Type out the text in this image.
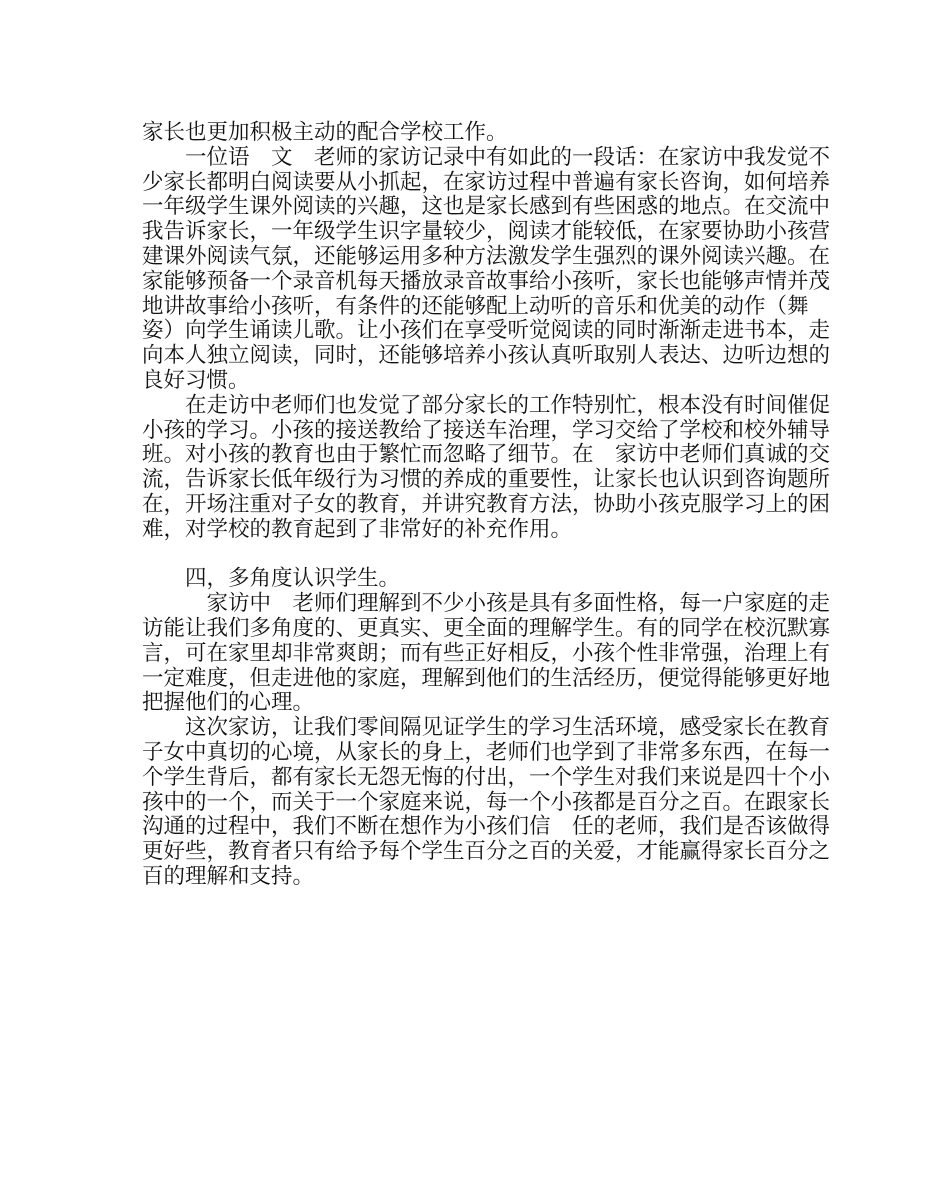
家长也更加积极主动的配合学校工作。

一位语　文　老师的家访记录中有如此的一段话：在家访中我发觉不少家长都明白阅读要从小抓起，在家访过程中普遍有家长咨询，如何培养一年级学生课外阅读的兴趣，这也是家长感到有些困惑的地点。在交流中我告诉家长，一年级学生识字量较少，阅读才能较低，在家要协助小孩营建课外阅读气氛，还能够运用多种方法激发学生强烈的课外阅读兴趣。在家能够预备一个录音机每天播放录音故事给小孩听，家长也能够声情并茂地讲故事给小孩听，有条件的还能够配上动听的音乐和优美的动作（舞姿）向学生诵读儿歌。让小孩们在享受听觉阅读的同时渐渐走进书本，走向本人独立阅读，同时，还能够培养小孩认真听取别人表达、边听边想的良好习惯。

在走访中老师们也发觉了部分家长的工作特别忙，根本没有时间催促小孩的学习。小孩的接送教给了接送车治理，学习交给了学校和校外辅导班。对小孩的教育也由于繁忙而忽略了细节。在　家访中老师们真诚的交流，告诉家长低年级行为习惯的养成的重要性，让家长也认识到咨询题所在，开场注重对子女的教育，并讲究教育方法，协助小孩克服学习上的困难，对学校的教育起到了非常好的补充作用。

四，多角度认识学生。

　家访中　老师们理解到不少小孩是具有多面性格，每一户家庭的走访能让我们多角度的、更真实、更全面的理解学生。有的同学在校沉默寡言，可在家里却非常爽朗；而有些正好相反，小孩个性非常强，治理上有一定难度，但走进他的家庭，理解到他们的生活经历，便觉得能够更好地把握他们的心理。

这次家访，让我们零间隔见证学生的学习生活环境，感受家长在教育子女中真切的心境，从家长的身上，老师们也学到了非常多东西，在每一个学生背后，都有家长无怨无悔的付出，一个学生对我们来说是四十个小孩中的一个，而关于一个家庭来说，每一个小孩都是百分之百。在跟家长沟通的过程中，我们不断在想作为小孩们信　任的老师，我们是否该做得更好些，教育者只有给予每个学生百分之百的关爱，才能赢得家长百分之百的理解和支持。
